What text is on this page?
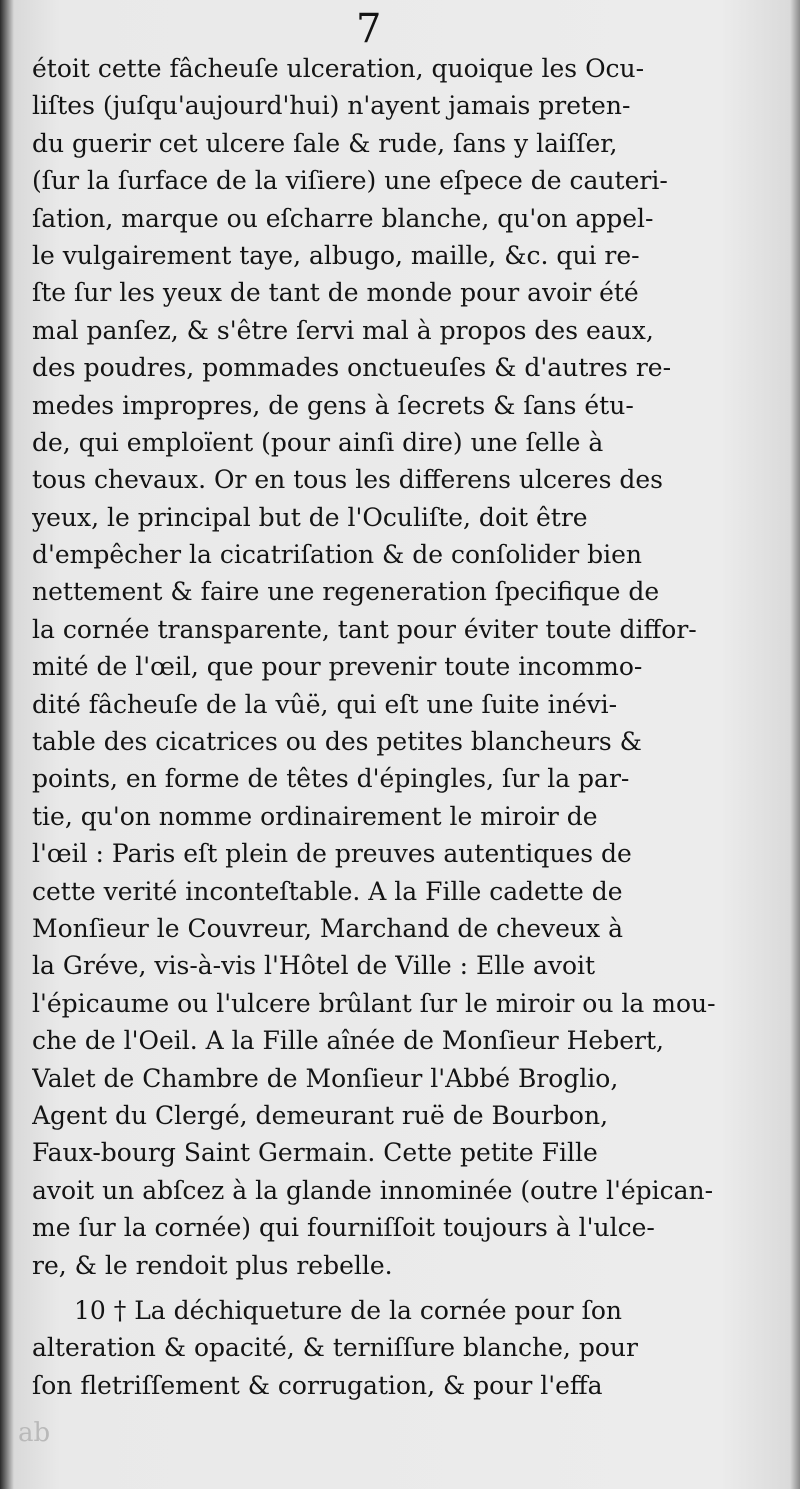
7
étoit cette fâcheuſe ulceration, quoique les Ocu-
liſtes (juſqu'aujourd'hui) n'ayent jamais preten-
du guerir cet ulcere ſale & rude, ſans y laiſſer,
(ſur la ſurface de la viſiere) une eſpece de cauteri-
ſation, marque ou eſcharre blanche, qu'on appel-
le vulgairement taye, albugo, maille, &c. qui re-
ſte ſur les yeux de tant de monde pour avoir été
mal panſez, & s'être ſervi mal à propos des eaux,
des poudres, pommades onctueuſes & d'autres re-
medes impropres, de gens à ſecrets & ſans étu-
de, qui emploïent (pour ainſi dire) une ſelle à
tous chevaux. Or en tous les differens ulceres des
yeux, le principal but de l'Oculiſte, doit être
d'empêcher la cicatriſation & de conſolider bien
nettement & faire une regeneration ſpecifique de
la cornée transparente, tant pour éviter toute diffor-
mité de l'œil, que pour prevenir toute incommo-
dité fâcheuſe de la vûë, qui eſt une ſuite inévi-
table des cicatrices ou des petites blancheurs &
points, en forme de têtes d'épingles, ſur la par-
tie, qu'on nomme ordinairement le miroir de
l'œil : Paris eſt plein de preuves autentiques de
cette verité inconteſtable. A la Fille cadette de
Monſieur le Couvreur, Marchand de cheveux à
la Gréve, vis-à-vis l'Hôtel de Ville : Elle avoit
l'épicaume ou l'ulcere brûlant ſur le miroir ou la mou-
che de l'Oeil. A la Fille aînée de Monſieur Hebert,
Valet de Chambre de Monſieur l'Abbé Broglio,
Agent du Clergé, demeurant ruë de Bourbon,
Faux-bourg Saint Germain. Cette petite Fille
avoit un abſcez à la glande innominée (outre l'épican-
me ſur la cornée) qui fourniſſoit toujours à l'ulce-
re, & le rendoit plus rebelle.
10 † La déchiqueture de la cornée pour ſon
alteration & opacité, & terniſſure blanche, pour
ſon fletriſſement & corrugation, & pour l'effa
ab
